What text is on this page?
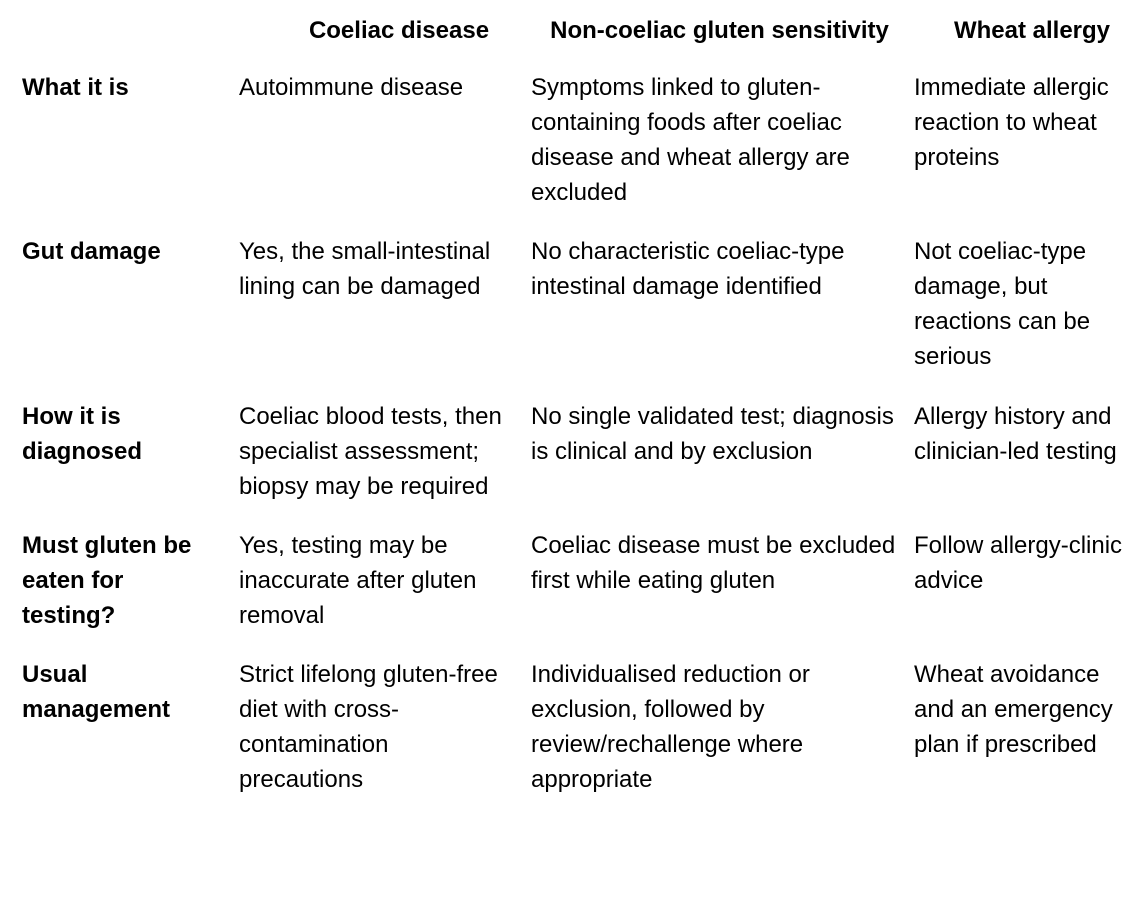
	Coeliac disease	Non-coeliac gluten sensitivity	Wheat allergy
What it is	Autoimmune disease	Symptoms linked to gluten-containing foods after coeliac disease and wheat allergy are excluded	Immediate allergic reaction to wheat proteins
Gut damage	Yes, the small-intestinal lining can be damaged	No characteristic coeliac-type intestinal damage identified	Not coeliac-type damage, but reactions can be serious
How it is diagnosed	Coeliac blood tests, then specialist assessment; biopsy may be required	No single validated test; diagnosis is clinical and by exclusion	Allergy history and clinician-led testing
Must gluten be eaten for testing?	Yes, testing may be inaccurate after gluten removal	Coeliac disease must be excluded first while eating gluten	Follow allergy-clinic advice
Usual management	Strict lifelong gluten-free diet with cross-contamination precautions	Individualised reduction or exclusion, followed by review/rechallenge where appropriate	Wheat avoidance and an emergency plan if prescribed
